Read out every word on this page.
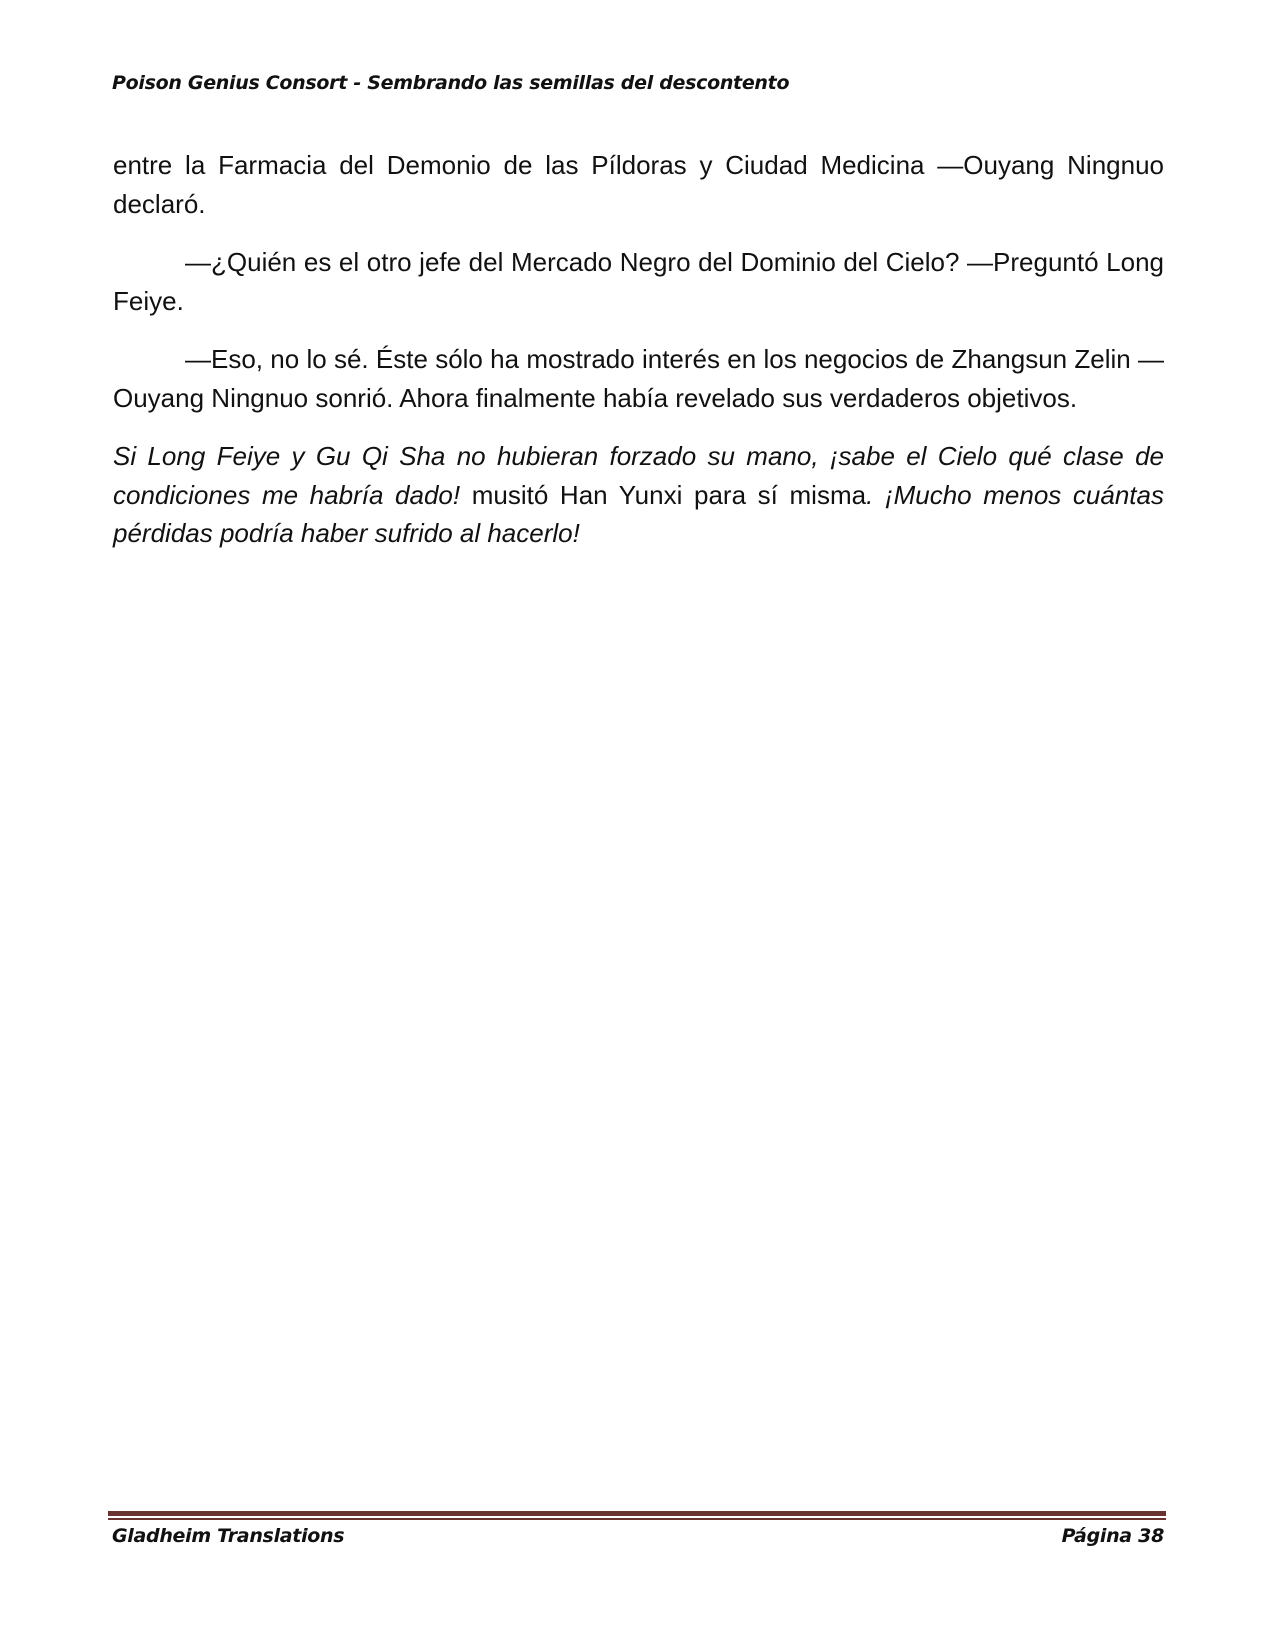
Poison Genius Consort - Sembrando las semillas del descontento

entre la Farmacia del Demonio de las Píldoras y Ciudad Medicina —Ouyang Ningnuo declaró.

—¿Quién es el otro jefe del Mercado Negro del Dominio del Cielo? —Preguntó Long Feiye.

—Eso, no lo sé. Éste sólo ha mostrado interés en los negocios de Zhangsun Zelin —Ouyang Ningnuo sonrió. Ahora finalmente había revelado sus verdaderos objetivos.

Si Long Feiye y Gu Qi Sha no hubieran forzado su mano, ¡sabe el Cielo qué clase de condiciones me habría dado! musitó Han Yunxi para sí misma. ¡Mucho menos cuántas pérdidas podría haber sufrido al hacerlo!

Gladheim Translations	Página 38
